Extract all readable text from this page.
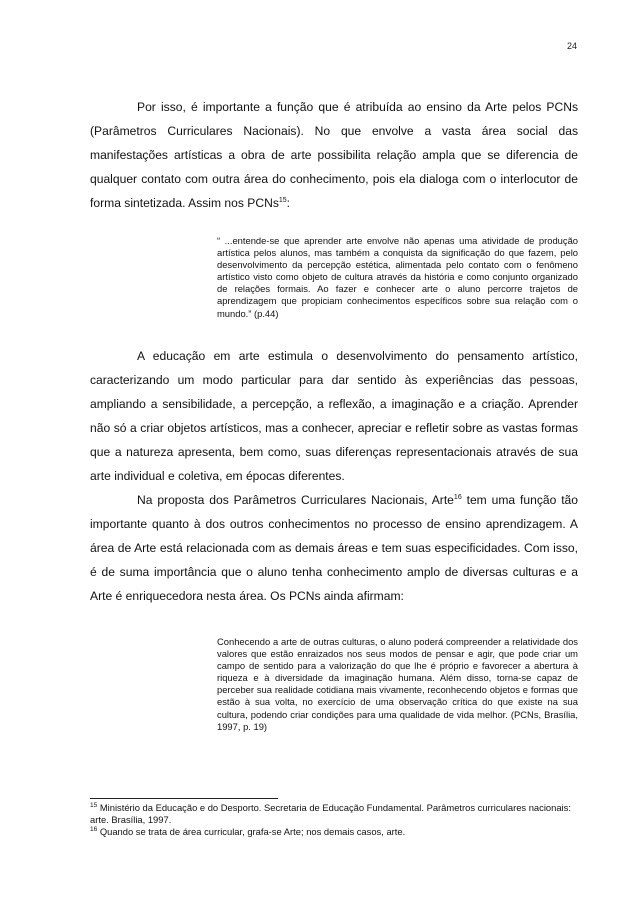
24

Por isso, é importante a função que é atribuída ao ensino da Arte pelos PCNs (Parâmetros Curriculares Nacionais). No que envolve a vasta área social das manifestações artísticas a obra de arte possibilita relação ampla que se diferencia de qualquer contato com outra área do conhecimento, pois ela dialoga com o interlocutor de forma sintetizada. Assim nos PCNs$^{15}$:

“ ...entende-se que aprender arte envolve não apenas uma atividade de produção artística pelos alunos, mas também a conquista da significação do que fazem, pelo desenvolvimento da percepção estética, alimentada pelo contato com o fenômeno artístico visto como objeto de cultura através da história e como conjunto organizado de relações formais. Ao fazer e conhecer arte o aluno percorre trajetos de aprendizagem que propiciam conhecimentos específicos sobre sua relação com o mundo.” (p.44)

A educação em arte estimula o desenvolvimento do pensamento artístico, caracterizando um modo particular para dar sentido às experiências das pessoas, ampliando a sensibilidade, a percepção, a reflexão, a imaginação e a criação. Aprender não só a criar objetos artísticos, mas a conhecer, apreciar e refletir sobre as vastas formas que a natureza apresenta, bem como, suas diferenças representacionais através de sua arte individual e coletiva, em épocas diferentes.

Na proposta dos Parâmetros Curriculares Nacionais, Arte$^{16}$ tem uma função tão importante quanto à dos outros conhecimentos no processo de ensino aprendizagem. A área de Arte está relacionada com as demais áreas e tem suas especificidades. Com isso, é de suma importância que o aluno tenha conhecimento amplo de diversas culturas e a Arte é enriquecedora nesta área. Os PCNs ainda afirmam:

Conhecendo a arte de outras culturas, o aluno poderá compreender a relatividade dos valores que estão enraizados nos seus modos de pensar e agir, que pode criar um campo de sentido para a valorização do que lhe é próprio e favorecer a abertura à riqueza e à diversidade da imaginação humana. Além disso, torna-se capaz de perceber sua realidade cotidiana mais vivamente, reconhecendo objetos e formas que estão à sua volta, no exercício de uma observação crítica do que existe na sua cultura, podendo criar condições para uma qualidade de vida melhor. (PCNs, Brasília, 1997, p. 19)

$^{15}$ Ministério da Educação e do Desporto. Secretaria de Educação Fundamental. Parâmetros curriculares nacionais: arte. Brasília, 1997.

$^{16}$ Quando se trata de área curricular, grafa-se Arte; nos demais casos, arte.
